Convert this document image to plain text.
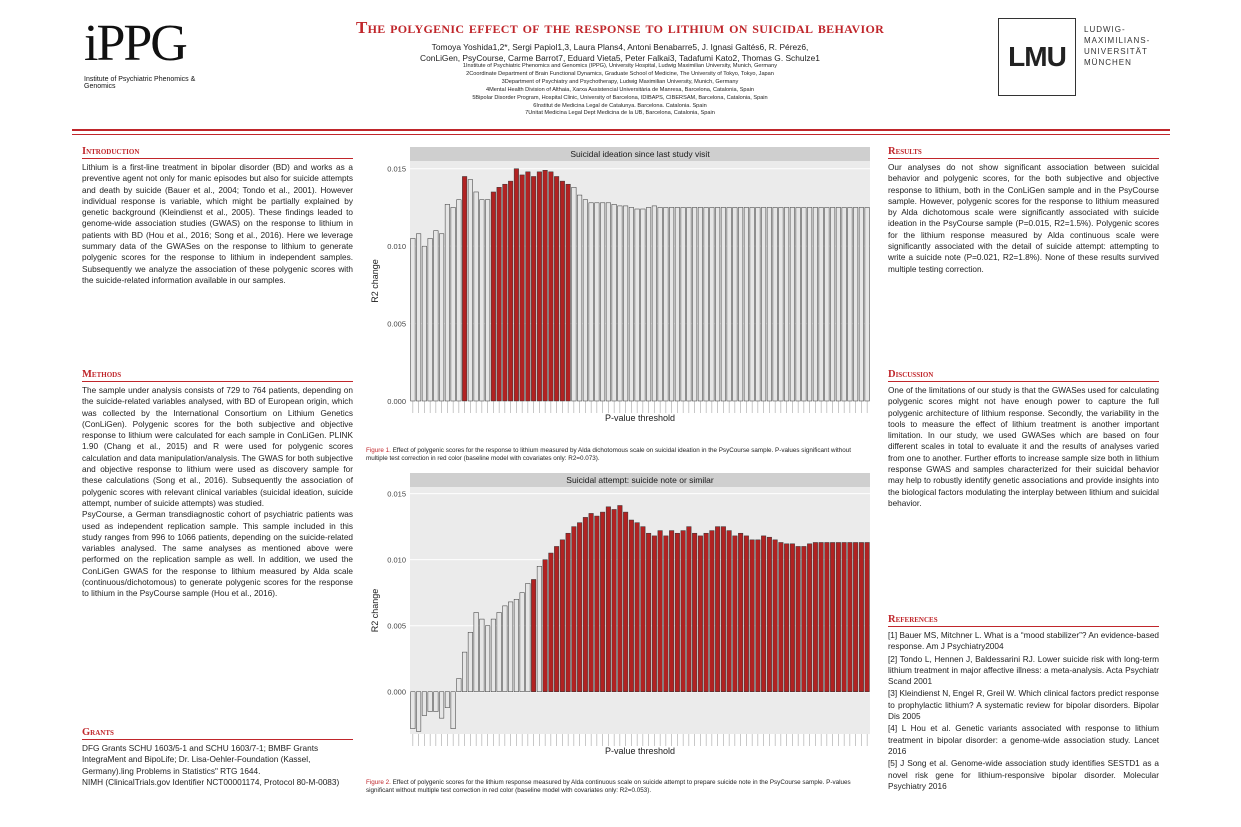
iPPG
Institute of Psychiatric Phenomics & Genomics
The polygenic effect of the response to lithium on suicidal behavior
Tomoya Yoshida1,2*, Sergi Papiol1,3, Laura Plans4, Antoni Benabarre5, J. Ignasi Galtés6, R. Pérez6,
ConLiGen, PsyCourse, Carme Barrot7, Eduard Vieta5, Peter Falkai3, Tadafumi Kato2, Thomas G. Schulze1
1Institute of Psychiatric Phenomics and Genomics (IPPG), University Hospital, Ludwig Maximilian University, Munich, Germany
2Coordinate Department of Brain Functional Dynamics, Graduate School of Medicine, The University of Tokyo, Tokyo, Japan
3Department of Psychiatry and Psychotherapy, Ludwig Maximilian University, Munich, Germany
4Mental Health Division of Althaia, Xarxa Assistencial Universitària de Manresa, Barcelona, Catalonia, Spain
5Bipolar Disorder Program, Hospital Clinic, University of Barcelona, IDIBAPS, CIBERSAM, Barcelona, Catalonia, Spain
6Institut de Medicina Legal de Catalunya. Barcelona. Catalonia. Spain
7Unitat Medicina Legal Dept Medicina de la UB, Barcelona, Catalonia, Spain
LMU
LUDWIG-
MAXIMILIANS-
UNIVERSITÄT
MÜNCHEN
Introduction
Lithium is a first-line treatment in bipolar disorder (BD) and works as a preventive agent not only for manic episodes but also for suicide attempts and death by suicide (Bauer et al., 2004; Tondo et al., 2001). However individual response is variable, which might be partially explained by genetic background (Kleindienst et al., 2005). These findings leaded to genome-wide association studies (GWAS) on the response to lithium in patients with BD (Hou et al., 2016; Song et al., 2016). Here we leverage summary data of the GWASes on the response to lithium to generate polygenic scores for the response to lithium in independent samples. Subsequently we analyze the association of these polygenic scores with the suicide-related information available in our samples.
Methods
The sample under analysis consists of 729 to 764 patients, depending on the suicide-related variables analysed, with BD of European origin, which was collected by the International Consortium on Lithium Genetics (ConLiGen). Polygenic scores for the both subjective and objective response to lithium were calculated for each sample in ConLiGen. PLINK 1.90 (Chang et al., 2015) and R were used for polygenic scores calculation and data manipulation/analysis. The GWAS for both subjective and objective response to lithium were used as discovery sample for these calculations (Song et al., 2016). Subsequently the association of polygenic scores with relevant clinical variables (suicidal ideation, suicide attempt, number of suicide attempts) was studied.
PsyCourse, a German transdiagnostic cohort of psychiatric patients was used as independent replication sample. This sample included in this study ranges from 996 to 1066 patients, depending on the suicide-related variables analysed. The same analyses as mentioned above were performed on the replication sample as well. In addition, we used the ConLiGen GWAS for the response to lithium measured by Alda scale (continuous/dichotomous) to generate polygenic scores for the response to lithium in the PsyCourse sample (Hou et al., 2016).
Grants
DFG Grants SCHU 1603/5-1 and SCHU 1603/7-1; BMBF Grants IntegraMent and BipoLife; Dr. Lisa-Oehler-Foundation (Kassel, Germany).ling Problems in Statistics" RTG 1644.
NIMH (ClinicalTrials.gov Identifier NCT00001174, Protocol 80-M-0083)
Suicidal ideation since last study visit
0.000
0.005
0.010
0.015
P-value threshold
R2 change
Figure 1. Effect of polygenic scores for the response to lithium measured by Alda dichotomous scale on suicidal ideation in the PsyCourse sample. P-values significant without multiple test correction in red color (baseline model with covariates only: R2=0.073).
Suicidal attempt: suicide note or similar
0.000
0.005
0.010
0.015
P-value threshold
R2 change
Figure 2. Effect of polygenic scores for the lithium response measured by Alda continuous scale on suicide attempt to prepare suicide note in the PsyCourse sample. P-values significant without multiple test correction in red color (baseline model with covariates only: R2=0.053).
Results
Our analyses do not show significant association between suicidal behavior and polygenic scores, for the both subjective and objective response to lithium, both in the ConLiGen sample and in the PsyCourse sample. However, polygenic scores for the response to lithium measured by Alda dichotomous scale were significantly associated with suicide ideation in the PsyCourse sample (P=0.015, R2=1.5%). Polygenic scores for the lithium response measured by Alda continuous scale were significantly associated with the detail of suicide attempt: attempting to write a suicide note (P=0.021, R2=1.8%). None of these results survived multiple testing correction.
Discussion
One of the limitations of our study is that the GWASes used for calculating polygenic scores might not have enough power to capture the full polygenic architecture of lithium response. Secondly, the variability in the tools to measure the effect of lithium treatment is another important limitation. In our study, we used GWASes which are based on four different scales in total to evaluate it and the results of analyses varied from one to another. Further efforts to increase sample size both in lithium response GWAS and samples characterized for their suicidal behavior may help to robustly identify genetic associations and provide insights into the biological factors modulating the interplay between lithium and suicidal behavior.
References
[1] Bauer MS, Mitchner L. What is a “mood stabilizer”? An evidence-based response. Am J Psychiatry2004
[2] Tondo L, Hennen J, Baldessarini RJ. Lower suicide risk with long-term lithium treatment in major affective illness: a meta-analysis. Acta Psychiatr Scand 2001
[3] Kleindienst N, Engel R, Greil W. Which clinical factors predict response to prophylactic lithium? A systematic review for bipolar disorders. Bipolar Dis 2005
[4] L Hou et al. Genetic variants associated with response to lithium treatment in bipolar disorder: a genome-wide association study. Lancet 2016
[5] J Song et al. Genome-wide association study identifies SESTD1 as a novel risk gene for lithium-responsive bipolar disorder. Molecular Psychiatry 2016
